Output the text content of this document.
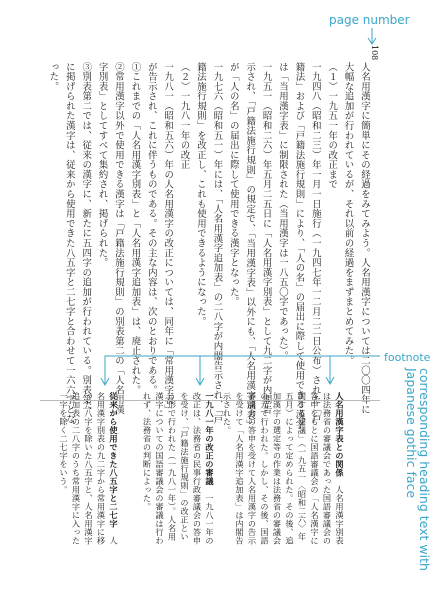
page number
108
人名用漢字に簡単にその経過をみてみよう。人名用漢字については二〇〇四年に
大幅な追加が行われているが、それ以前の経過をまずまとめてみた。
（１）一九五一年の改正まで
一九四八（昭和二三）年一月一日施行（一九四七年一二月二二日公布）された「戸
籍法」および「戸籍法施行規則」により、「人の名」の届出に際して使用できる漢字
は「当用漢字表」に制限された（当用漢字は一八五〇字であった）。
一九五一（昭和二六）年五月二五日に「人名用漢字別表」として九二字が内閣告
示され、「戸籍法施行規則」の規定で、「当用漢字表」以外にも、「人名用漢字別表」
が「人の名」の届出に際して使用できる漢字となった。
一九七六（昭和五一）年には、「人名用漢字追加表」の二八字が内閣告示され、「戸
籍法施行規則」を改正し、これも使用できるようになった。
（２）一九八一年の改正
一九八一（昭和五六）年の人名用漢字の改正については、同年に「常用漢字表」
が告示され、これに伴うものである。その主な内容は、次のとおりである。
①これまでの「人名用漢字別表」と「人名用漢字追加表」は、廃止された。
②常用漢字以外で使用できる漢字は「戸籍法施行規則」の別表第二の「人名用漢
字別表」としてすべて集約され、掲げられた。
③別表第二では、従来の漢字に、新たに五四字の追加が行われている。別表第一
に掲げられた漢字は、従来から使用できた八五字と二七字と合わせて一六六字とな
った。
footnote
corresponding heading text with Japanese gothic face
人名用漢字表との関係　人名用漢字別表
は法務省の審議会であった国語審議会の
答申をもとに国語審議会の「人名漢字に
関する建議」（一九五一〈昭和二六〉年
五月）によって定められた。その後、追
加漢字の選定等の作業は法務省の審議会
の元で行われた。しかし、その後、国語
審議会の答申を受けて人名用漢字の告示
を受けて「人名用漢字追加表」は内閣告
示された。
一九八一年の改正の審議　一九八一年の
改正は、法務省の民事行政審議会の答申
を受け、「戸籍法施行規則」の改正とい
う形で行われた（一九八一年）。人名用
漢字についての国語審議会の審議は行わ
れず、法務省の判断によった。
従来から使用できた八五字と二七字　人
名用漢字別表の九二字から常用漢字に移
った八字を除いた八五字と、人名用漢字
追加表の二八字のうち常用漢字に入った
一字を除く二七字をいう。
